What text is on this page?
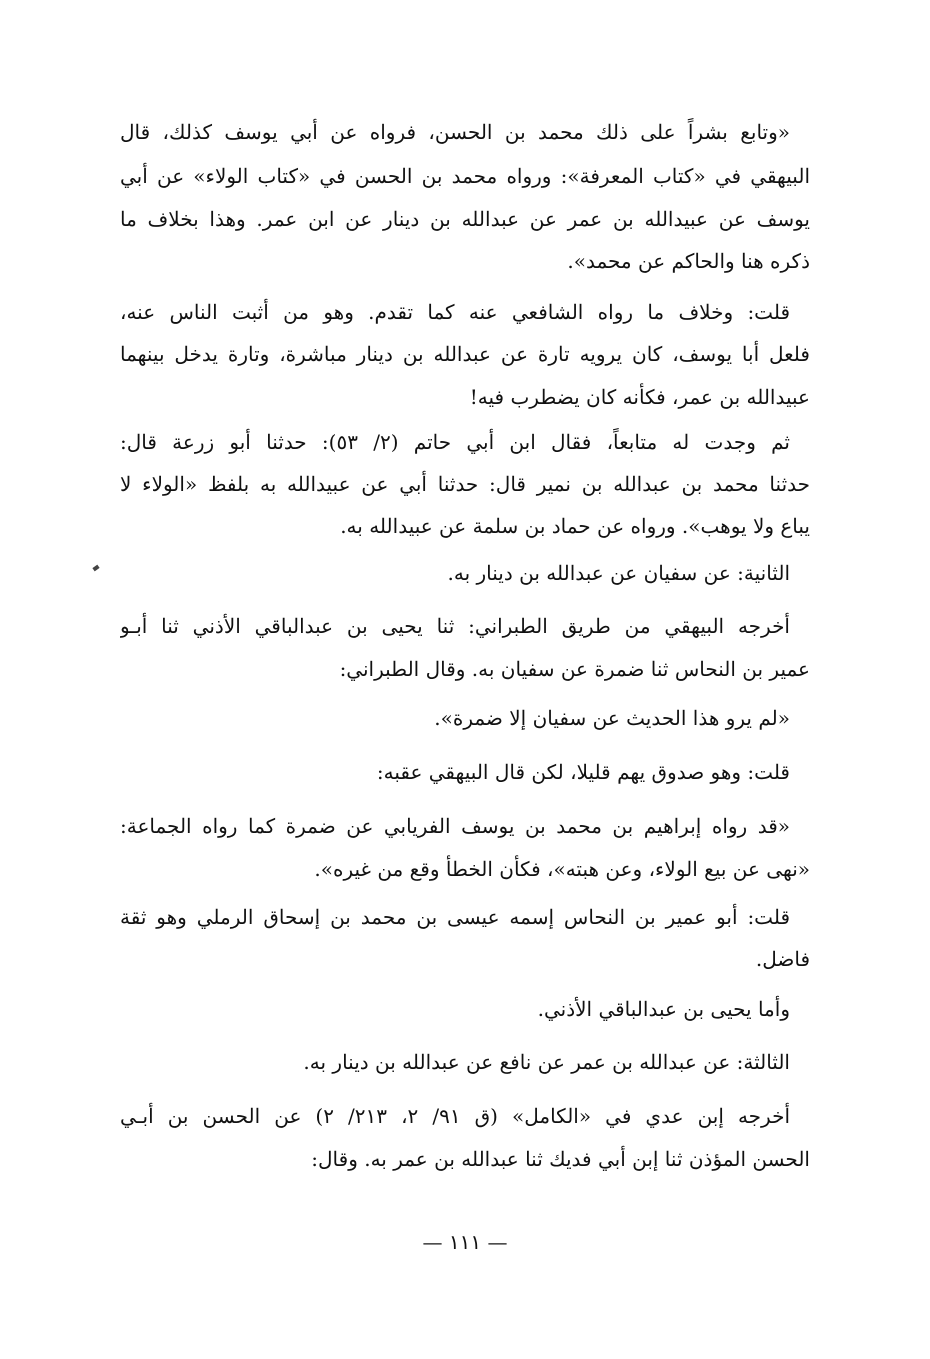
«وتابع بشراً على ذلك محمد بن الحسن، فرواه عن أبي يوسف كذلك، قال
البيهقي في «كتاب المعرفة»: ورواه محمد بن الحسن في «كتاب الولاء» عن أبي
يوسف عن عبيدالله بن عمر عن عبدالله بن دينار عن ابن عمر. وهذا بخلاف ما
ذكره هنا والحاكم عن محمد».
قلت: وخلاف ما رواه الشافعي عنه كما تقدم. وهو من أثبت الناس عنه،
فلعل أبا يوسف، كان يرويه تارة عن عبدالله بن دينار مباشرة، وتارة يدخل بينهما
عبيدالله بن عمر، فكأنه كان يضطرب فيه!
ثم وجدت له متابعاً، فقال ابن أبي حاتم (٢/ ٥٣): حدثنا أبو زرعة قال:
حدثنا محمد بن عبدالله بن نمير قال: حدثنا أبي عن عبيدالله به بلفظ «الولاء لا
يباع ولا يوهب». ورواه عن حماد بن سلمة عن عبيدالله به.
الثانية: عن سفيان عن عبدالله بن دينار به.
أخرجه البيهقي من طريق الطبراني: ثنا يحيى بن عبدالباقي الأذني ثنا أبـو
عمير بن النحاس ثنا ضمرة عن سفيان به. وقال الطبراني:
«لم يرو هذا الحديث عن سفيان إلا ضمرة».
قلت: وهو صدوق يهم قليلا، لكن قال البيهقي عقبه:
«قد رواه إبراهيم بن محمد بن يوسف الفريابي عن ضمرة كما رواه الجماعة:
«نهى عن بيع الولاء، وعن هبته»، فكأن الخطأ وقع من غيره».
قلت: أبو عمير بن النحاس إسمه عيسى بن محمد بن إسحاق الرملي وهو ثقة
فاضل.
وأما يحيى بن عبدالباقي الأذني.
الثالثة: عن عبدالله بن عمر عن نافع عن عبدالله بن دينار به.
أخرجه إبن عدي في «الكامل» (ق ٩١/ ٢، ٢١٣/ ٢) عن الحسن بن أبـي
الحسن المؤذن ثنا إبن أبي فديك ثنا عبدالله بن عمر به. وقال:
— ١١١ —
